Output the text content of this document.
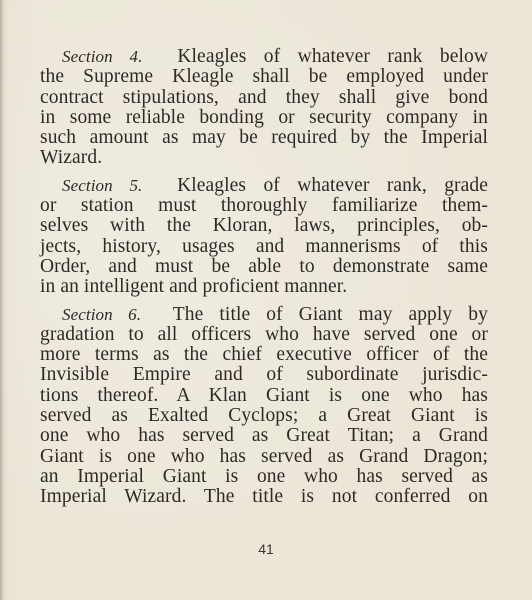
Section 4. Kleagles of whatever rank below
the Supreme Kleagle shall be employed under
contract stipulations, and they shall give bond
in some reliable bonding or security company in
such amount as may be required by the Imperial
Wizard.
Section 5. Kleagles of whatever rank, grade
or station must thoroughly familiarize them-
selves with the Kloran, laws, principles, ob-
jects, history, usages and mannerisms of this
Order, and must be able to demonstrate same
in an intelligent and proficient manner.
Section 6. The title of Giant may apply by
gradation to all officers who have served one or
more terms as the chief executive officer of the
Invisible Empire and of subordinate jurisdic-
tions thereof. A Klan Giant is one who has
served as Exalted Cyclops; a Great Giant is
one who has served as Great Titan; a Grand
Giant is one who has served as Grand Dragon;
an Imperial Giant is one who has served as
Imperial Wizard. The title is not conferred on
41
